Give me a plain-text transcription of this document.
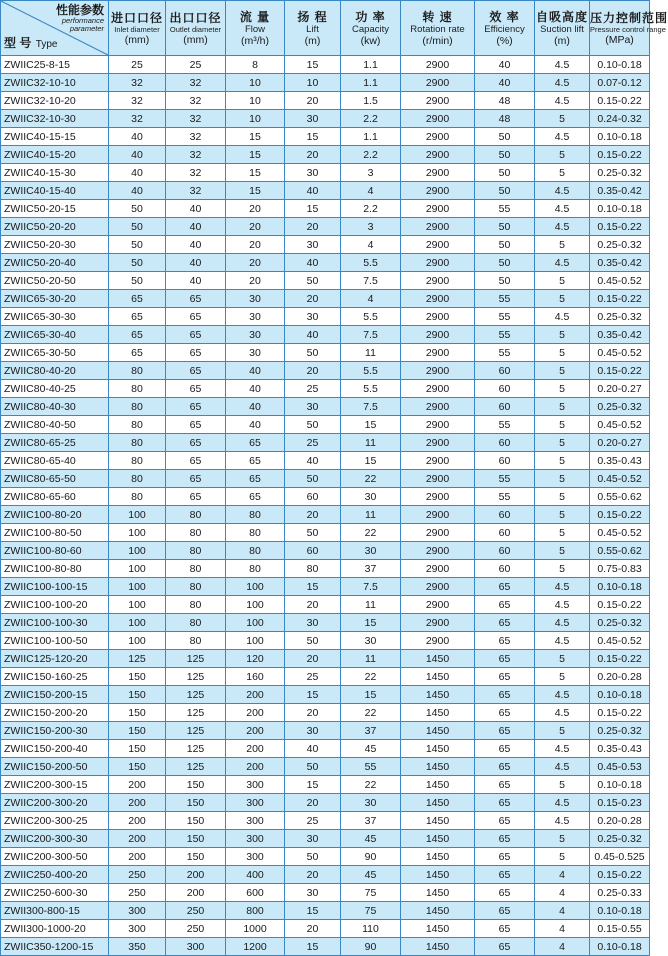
性能参数
performance
parameter
型 号 Type	进口口径
Inlet diameter
(mm)	出口口径
Outlet diameter
(mm)	流 量
Flow
(m³/h)	扬 程
Lift
(m)	功 率
Capacity
(kw)	转 速
Rotation rate
(r/min)	效 率
Efficiency
(%)	自吸高度
Suction lift
(m)	压力控制范围
Pressure control range
(MPa)

ZWIIC25-8-15	25	25	8	15	1.1	2900	40	4.5	0.10-0.18
ZWIIC32-10-10	32	32	10	10	1.1	2900	40	4.5	0.07-0.12
ZWIIC32-10-20	32	32	10	20	1.5	2900	48	4.5	0.15-0.22
ZWIIC32-10-30	32	32	10	30	2.2	2900	48	5	0.24-0.32
ZWIIC40-15-15	40	32	15	15	1.1	2900	50	4.5	0.10-0.18
ZWIIC40-15-20	40	32	15	20	2.2	2900	50	5	0.15-0.22
ZWIIC40-15-30	40	32	15	30	3	2900	50	5	0.25-0.32
ZWIIC40-15-40	40	32	15	40	4	2900	50	4.5	0.35-0.42
ZWIIC50-20-15	50	40	20	15	2.2	2900	55	4.5	0.10-0.18
ZWIIC50-20-20	50	40	20	20	3	2900	50	4.5	0.15-0.22
ZWIIC50-20-30	50	40	20	30	4	2900	50	5	0.25-0.32
ZWIIC50-20-40	50	40	20	40	5.5	2900	50	4.5	0.35-0.42
ZWIIC50-20-50	50	40	20	50	7.5	2900	50	5	0.45-0.52
ZWIIC65-30-20	65	65	30	20	4	2900	55	5	0.15-0.22
ZWIIC65-30-30	65	65	30	30	5.5	2900	55	4.5	0.25-0.32
ZWIIC65-30-40	65	65	30	40	7.5	2900	55	5	0.35-0.42
ZWIIC65-30-50	65	65	30	50	11	2900	55	5	0.45-0.52
ZWIIC80-40-20	80	65	40	20	5.5	2900	60	5	0.15-0.22
ZWIIC80-40-25	80	65	40	25	5.5	2900	60	5	0.20-0.27
ZWIIC80-40-30	80	65	40	30	7.5	2900	60	5	0.25-0.32
ZWIIC80-40-50	80	65	40	50	15	2900	55	5	0.45-0.52
ZWIIC80-65-25	80	65	65	25	11	2900	60	5	0.20-0.27
ZWIIC80-65-40	80	65	65	40	15	2900	60	5	0.35-0.43
ZWIIC80-65-50	80	65	65	50	22	2900	55	5	0.45-0.52
ZWIIC80-65-60	80	65	65	60	30	2900	55	5	0.55-0.62
ZWIIC100-80-20	100	80	80	20	11	2900	60	5	0.15-0.22
ZWIIC100-80-50	100	80	80	50	22	2900	60	5	0.45-0.52
ZWIIC100-80-60	100	80	80	60	30	2900	60	5	0.55-0.62
ZWIIC100-80-80	100	80	80	80	37	2900	60	5	0.75-0.83
ZWIIC100-100-15	100	80	100	15	7.5	2900	65	4.5	0.10-0.18
ZWIIC100-100-20	100	80	100	20	11	2900	65	4.5	0.15-0.22
ZWIIC100-100-30	100	80	100	30	15	2900	65	4.5	0.25-0.32
ZWIIC100-100-50	100	80	100	50	30	2900	65	4.5	0.45-0.52
ZWIIC125-120-20	125	125	120	20	11	1450	65	5	0.15-0.22
ZWIIC150-160-25	150	125	160	25	22	1450	65	5	0.20-0.28
ZWIIC150-200-15	150	125	200	15	15	1450	65	4.5	0.10-0.18
ZWIIC150-200-20	150	125	200	20	22	1450	65	4.5	0.15-0.22
ZWIIC150-200-30	150	125	200	30	37	1450	65	5	0.25-0.32
ZWIIC150-200-40	150	125	200	40	45	1450	65	4.5	0.35-0.43
ZWIIC150-200-50	150	125	200	50	55	1450	65	4.5	0.45-0.53
ZWIIC200-300-15	200	150	300	15	22	1450	65	5	0.10-0.18
ZWIIC200-300-20	200	150	300	20	30	1450	65	4.5	0.15-0.23
ZWIIC200-300-25	200	150	300	25	37	1450	65	4.5	0.20-0.28
ZWIIC200-300-30	200	150	300	30	45	1450	65	5	0.25-0.32
ZWIIC200-300-50	200	150	300	50	90	1450	65	5	0.45-0.525
ZWIIC250-400-20	250	200	400	20	45	1450	65	4	0.15-0.22
ZWIIC250-600-30	250	200	600	30	75	1450	65	4	0.25-0.33
ZWII300-800-15	300	250	800	15	75	1450	65	4	0.10-0.18
ZWII300-1000-20	300	250	1000	20	110	1450	65	4	0.15-0.55
ZWIIC350-1200-15	350	300	1200	15	90	1450	65	4	0.10-0.18
